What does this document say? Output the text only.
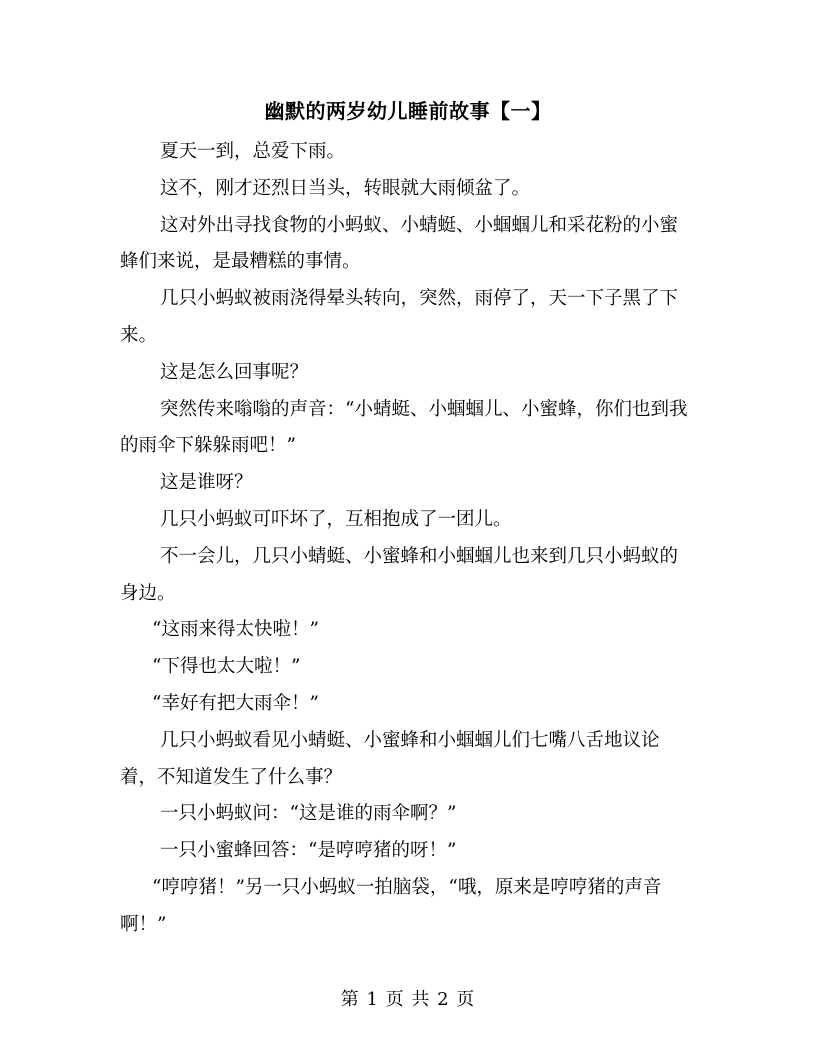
幽默的两岁幼儿睡前故事【一】

夏天一到，总爱下雨。

这不，刚才还烈日当头，转眼就大雨倾盆了。

这对外出寻找食物的小蚂蚁、小蜻蜓、小蝈蝈儿和采花粉的小蜜蜂们来说，是最糟糕的事情。

几只小蚂蚁被雨浇得晕头转向，突然，雨停了，天一下子黑了下来。

这是怎么回事呢？

突然传来嗡嗡的声音：“小蜻蜓、小蝈蝈儿、小蜜蜂，你们也到我的雨伞下躲躲雨吧！”

这是谁呀？

几只小蚂蚁可吓坏了，互相抱成了一团儿。

不一会儿，几只小蜻蜓、小蜜蜂和小蝈蝈儿也来到几只小蚂蚁的身边。

“这雨来得太快啦！”

“下得也太大啦！”

“幸好有把大雨伞！”

几只小蚂蚁看见小蜻蜓、小蜜蜂和小蝈蝈儿们七嘴八舌地议论着，不知道发生了什么事？

一只小蚂蚁问：“这是谁的雨伞啊？”

一只小蜜蜂回答：“是哼哼猪的呀！”

“哼哼猪！”另一只小蚂蚁一拍脑袋，“哦，原来是哼哼猪的声音啊！”

第 1 页 共 2 页
